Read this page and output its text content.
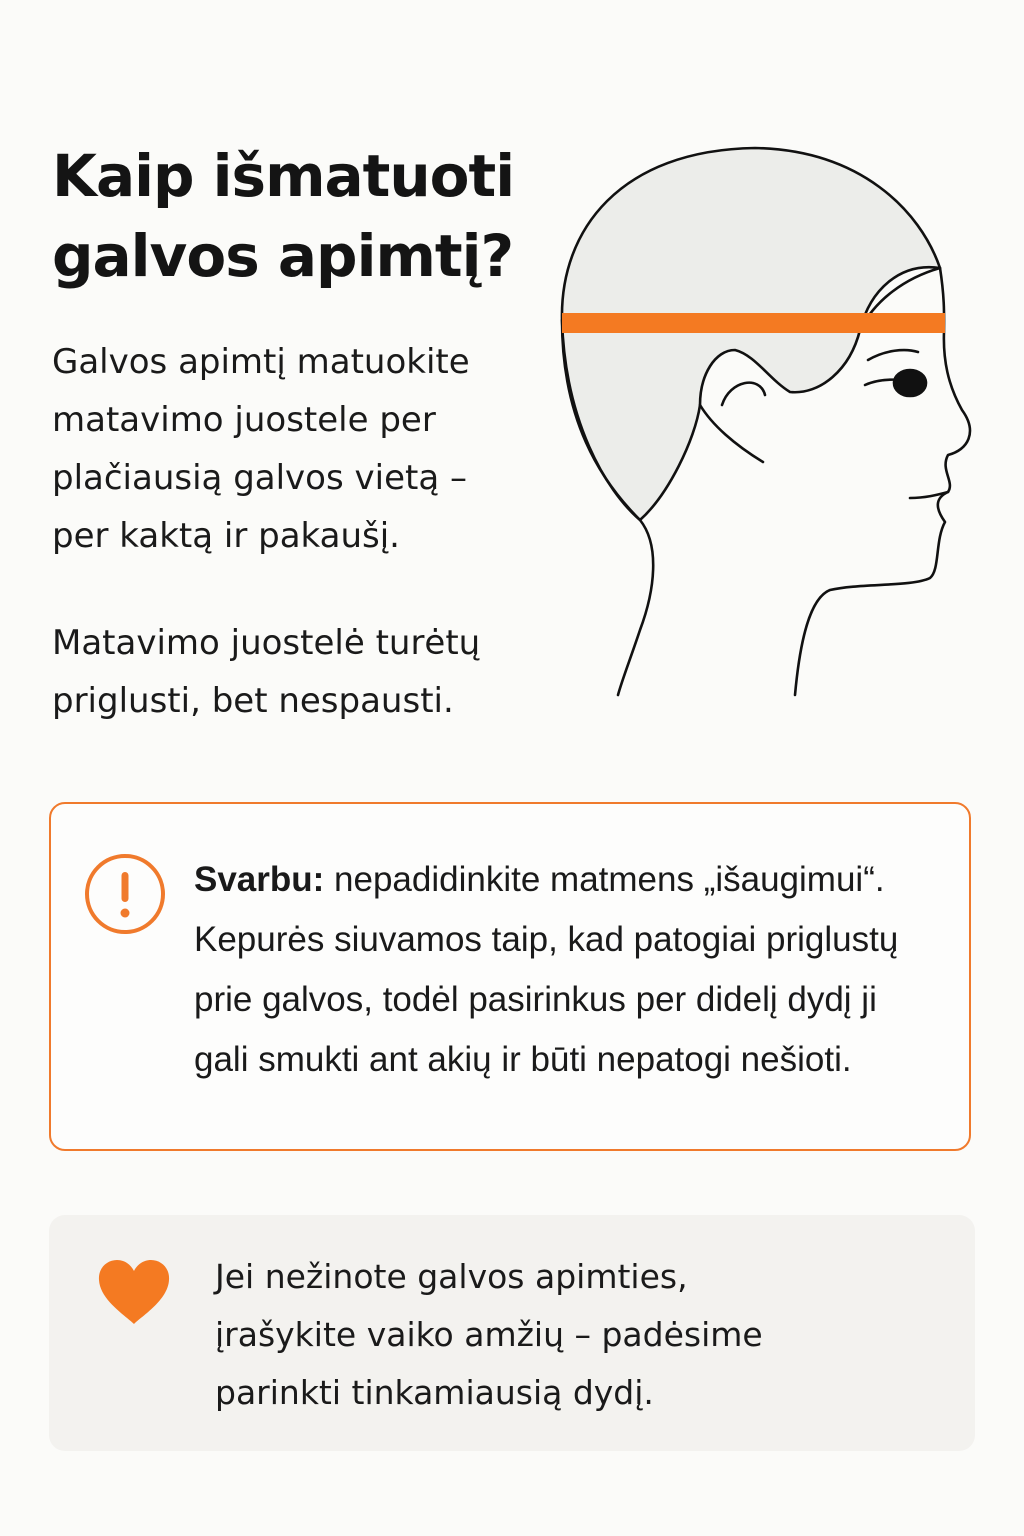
Kaip išmatuoti
galvos apimtį?

Galvos apimtį matuokite
matavimo juostele per
plačiausią galvos vietą –
per kaktą ir pakaušį.

Matavimo juostelė turėtų
priglusti, bet nespausti.

Svarbu: nepadidinkite matmens „išaugimui“.
Kepurės siuvamos taip, kad patogiai priglustų
prie galvos, todėl pasirinkus per didelį dydį ji
gali smukti ant akių ir būti nepatogi nešioti.

Jei nežinote galvos apimties,
įrašykite vaiko amžių – padėsime
parinkti tinkamiausią dydį.
